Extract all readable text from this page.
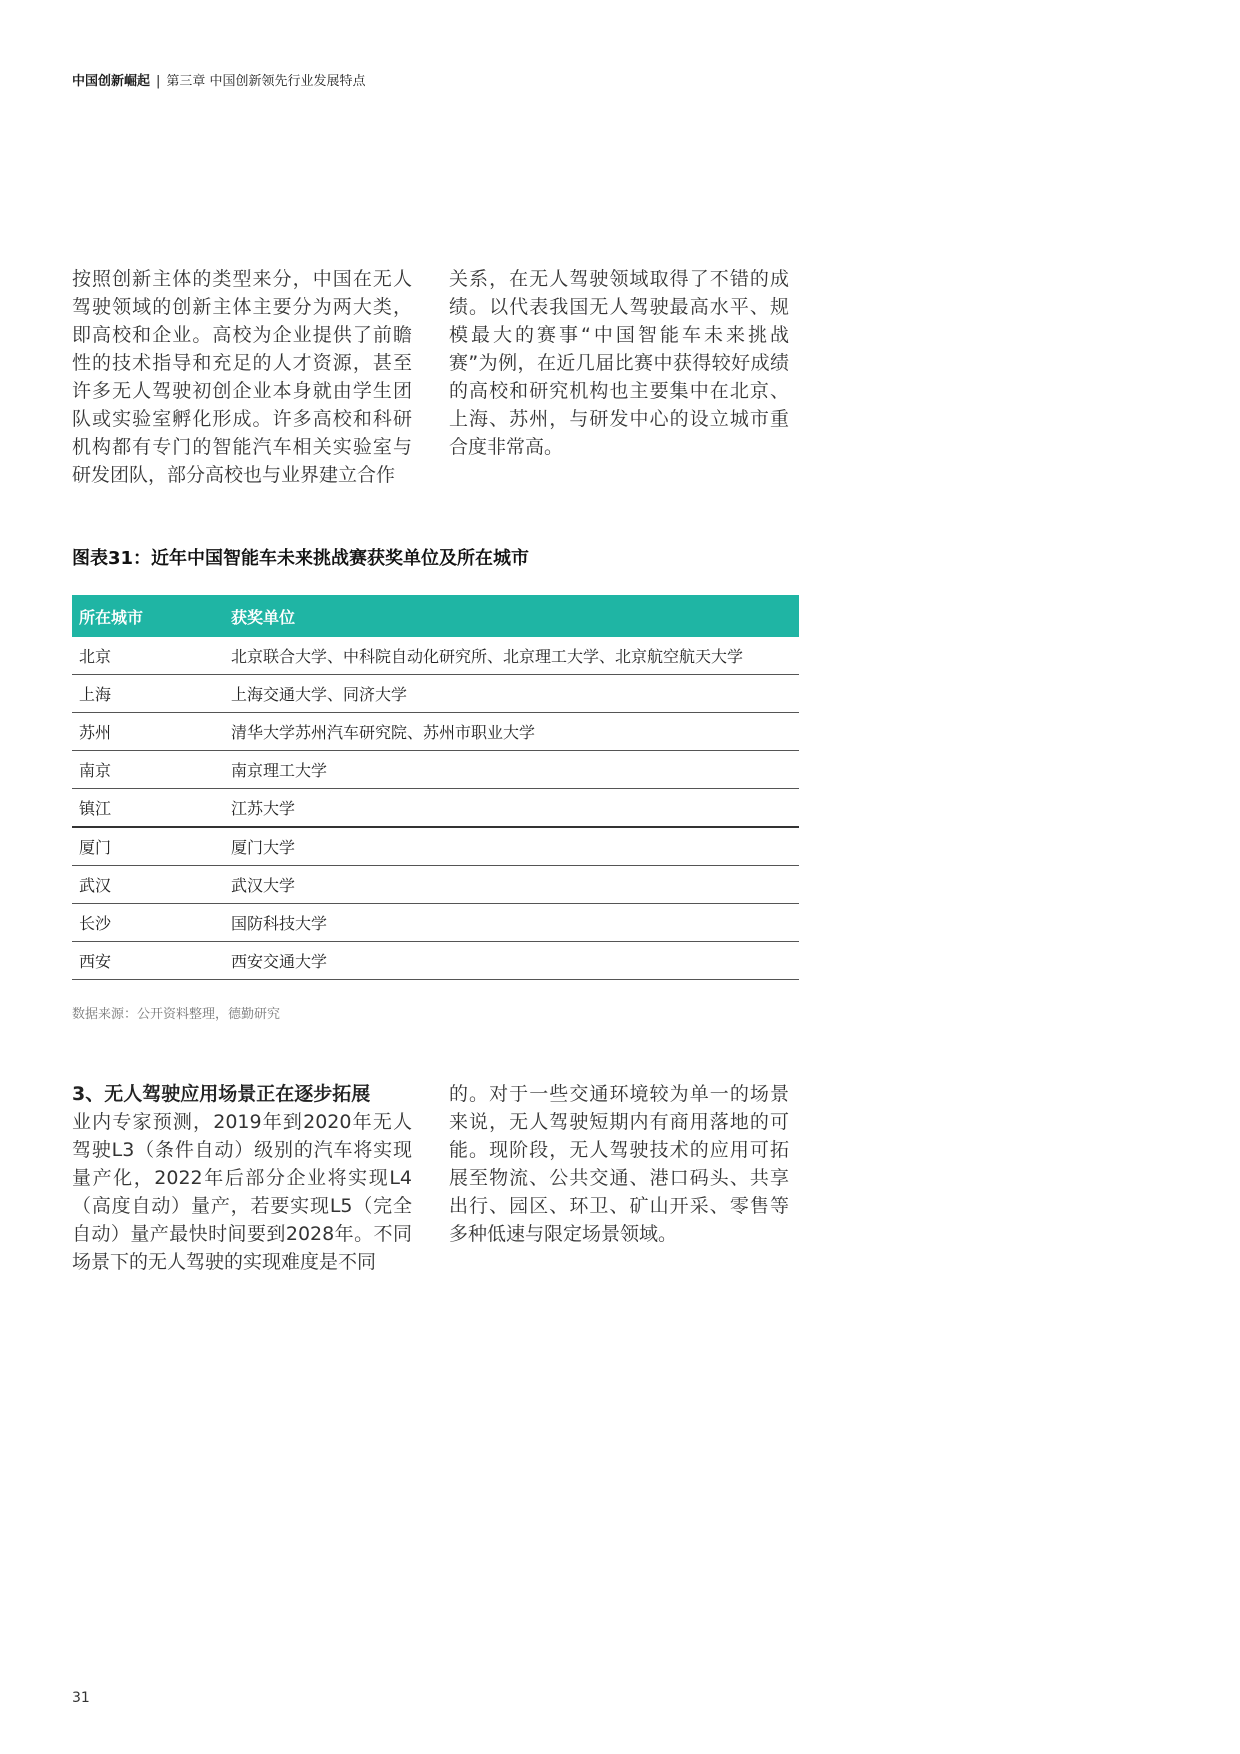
中国创新崛起 | 第三章 中国创新领先行业发展特点

按照创新主体的类型来分，中国在无人驾驶领域的创新主体主要分为两大类，即高校和企业。高校为企业提供了前瞻性的技术指导和充足的人才资源，甚至许多无人驾驶初创企业本身就由学生团队或实验室孵化形成。许多高校和科研机构都有专门的智能汽车相关实验室与研发团队，部分高校也与业界建立合作

关系，在无人驾驶领域取得了不错的成绩。以代表我国无人驾驶最高水平、规模最大的赛事“中国智能车未来挑战赛”为例，在近几届比赛中获得较好成绩的高校和研究机构也主要集中在北京、上海、苏州，与研发中心的设立城市重合度非常高。

图表31：近年中国智能车未来挑战赛获奖单位及所在城市
所在城市	获奖单位
北京	北京联合大学、中科院自动化研究所、北京理工大学、北京航空航天大学
上海	上海交通大学、同济大学
苏州	清华大学苏州汽车研究院、苏州市职业大学
南京	南京理工大学
镇江	江苏大学
厦门	厦门大学
武汉	武汉大学
长沙	国防科技大学
西安	西安交通大学
数据来源：公开资料整理，德勤研究

3、无人驾驶应用场景正在逐步拓展

业内专家预测，2019年到2020年无人驾驶L3（条件自动）级别的汽车将实现量产化，2022年后部分企业将实现L4（高度自动）量产，若要实现L5（完全自动）量产最快时间要到2028年。不同场景下的无人驾驶的实现难度是不同

的。对于一些交通环境较为单一的场景来说，无人驾驶短期内有商用落地的可能。现阶段，无人驾驶技术的应用可拓展至物流、公共交通、港口码头、共享出行、园区、环卫、矿山开采、零售等多种低速与限定场景领域。

31
